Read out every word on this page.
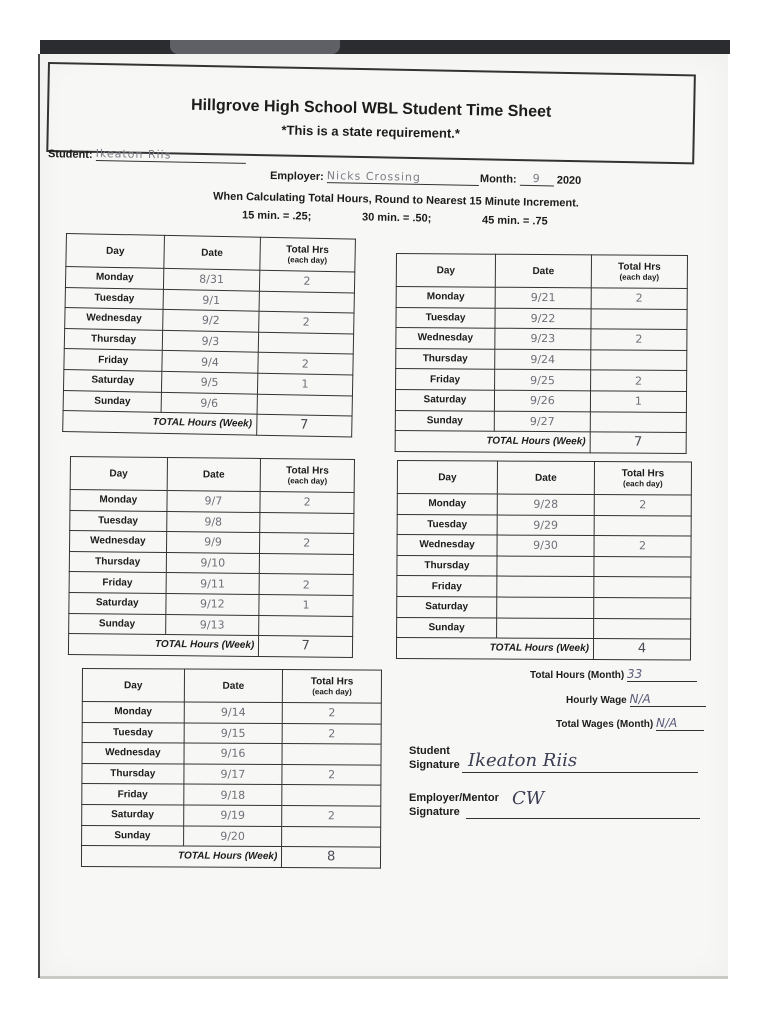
Hillgrove High School WBL Student Time Sheet
*This is a state requirement.*
Student: Ikeaton Riis
Employer: Nicks Crossing	Month: 9 2020
When Calculating Total Hours, Round to Nearest 15 Minute Increment.
15 min. = .25;	30 min. = .50;	45 min. = .75
Day	Date	Total Hrs
(each day)

Monday	8/31	2
Tuesday	9/1	
Wednesday	9/2	2
Thursday	9/3	
Friday	9/4	2
Saturday	9/5	1
Sunday	9/6	
TOTAL Hours (Week)		7
Day	Date	Total Hrs
(each day)

Monday	9/21	2
Tuesday	9/22	
Wednesday	9/23	2
Thursday	9/24	
Friday	9/25	2
Saturday	9/26	1
Sunday	9/27	
TOTAL Hours (Week)		7
Day	Date	Total Hrs
(each day)

Monday	9/7	2
Tuesday	9/8	
Wednesday	9/9	2
Thursday	9/10	
Friday	9/11	2
Saturday	9/12	1
Sunday	9/13	
TOTAL Hours (Week)		7
Day	Date	Total Hrs
(each day)

Monday	9/28	2
Tuesday	9/29	
Wednesday	9/30	2
Thursday		
Friday		
Saturday		
Sunday		
TOTAL Hours (Week)		4
Day	Date	Total Hrs
(each day)

Monday	9/14	2
Tuesday	9/15	2
Wednesday	9/16	
Thursday	9/17	2
Friday	9/18	
Saturday	9/19	2
Sunday	9/20	
TOTAL Hours (Week)		8
Total Hours (Month) 33
Hourly Wage N/A
Total Wages (Month) N/A
Student
Signature Ikeaton Riis
Employer/Mentor
Signature
CW
